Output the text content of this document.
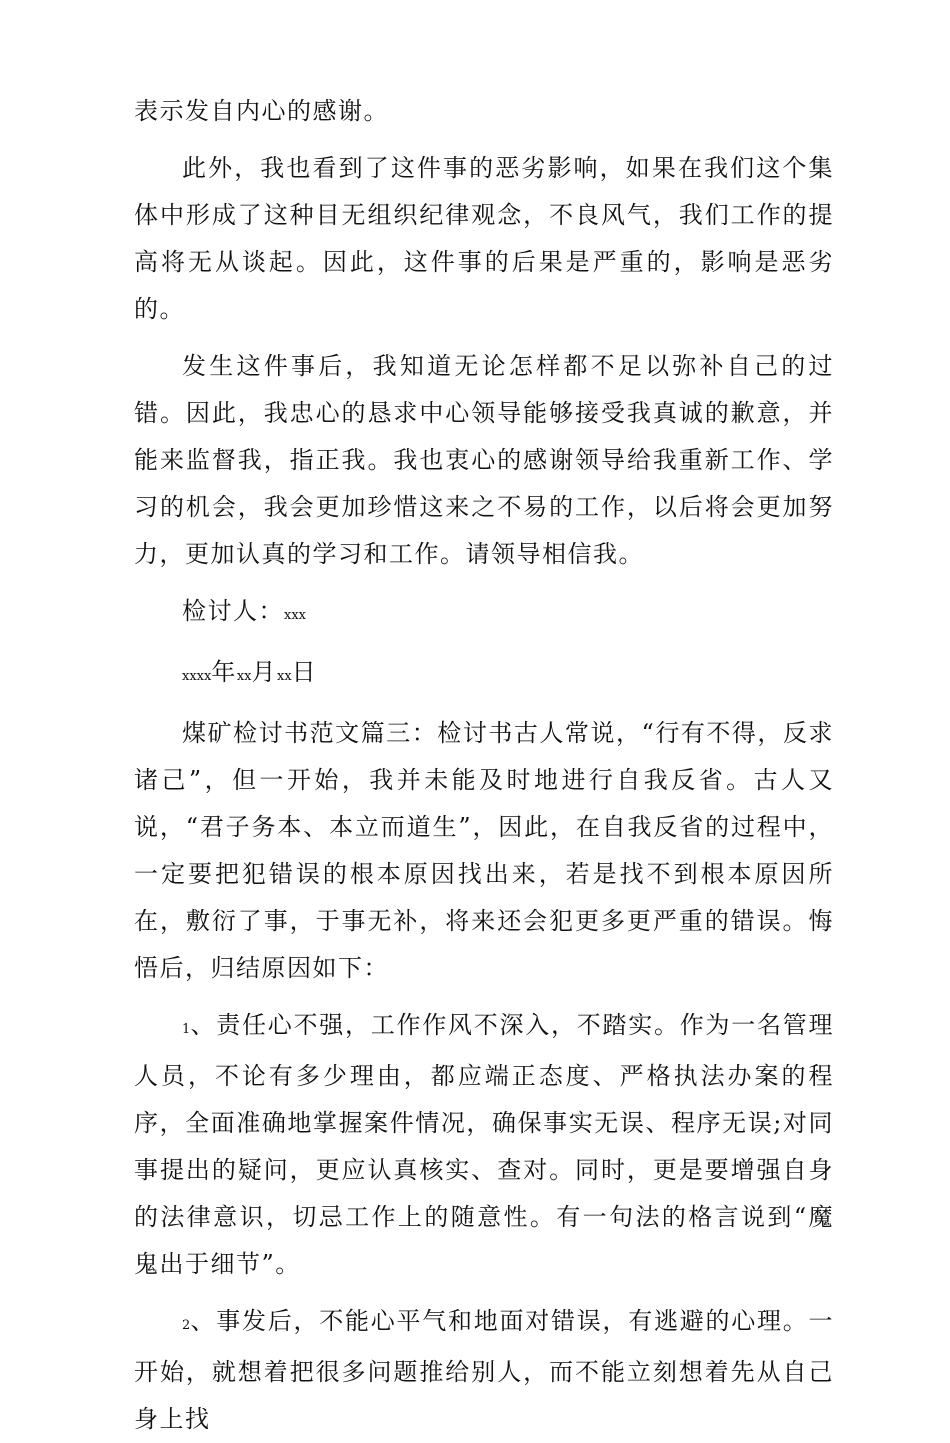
表示发自内心的感谢。

此外，我也看到了这件事的恶劣影响，如果在我们这个集体中形成了这种目无组织纪律观念，不良风气，我们工作的提高将无从谈起。因此，这件事的后果是严重的，影响是恶劣的。

发生这件事后，我知道无论怎样都不足以弥补自己的过错。因此，我忠心的恳求中心领导能够接受我真诚的歉意，并能来监督我，指正我。我也衷心的感谢领导给我重新工作、学习的机会，我会更加珍惜这来之不易的工作，以后将会更加努力，更加认真的学习和工作。请领导相信我。

检讨人：xxx

xxxx年xx月xx日

煤矿检讨书范文篇三：检讨书古人常说，“行有不得，反求诸己”，但一开始，我并未能及时地进行自我反省。古人又说，“君子务本、本立而道生”，因此，在自我反省的过程中，一定要把犯错误的根本原因找出来，若是找不到根本原因所在，敷衍了事，于事无补，将来还会犯更多更严重的错误。悔悟后，归结原因如下：

1、责任心不强，工作作风不深入，不踏实。作为一名管理人员，不论有多少理由，都应端正态度、严格执法办案的程序，全面准确地掌握案件情况，确保事实无误、程序无误;对同事提出的疑问，更应认真核实、查对。同时，更是要增强自身的法律意识，切忌工作上的随意性。有一句法的格言说到“魔鬼出于细节”。

2、事发后，不能心平气和地面对错误，有逃避的心理。一开始，就想着把很多问题推给别人，而不能立刻想着先从自己身上找
